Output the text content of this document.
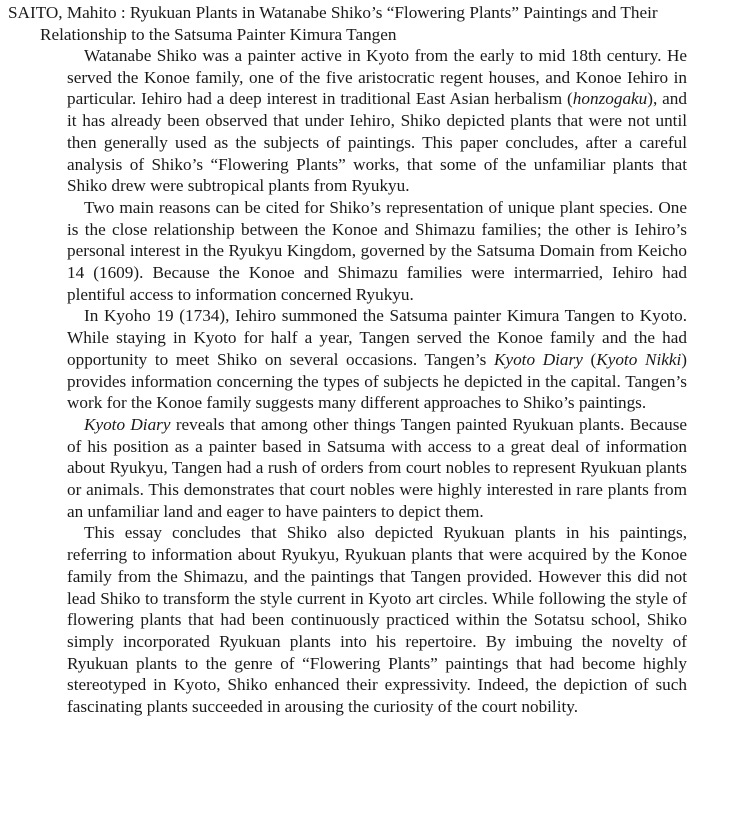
SAITO, Mahito : Ryukuan Plants in Watanabe Shiko’s “Flowering Plants” Paintings and Their Relationship to the Satsuma Painter Kimura Tangen

Watanabe Shiko was a painter active in Kyoto from the early to mid 18th century. He served the Konoe family, one of the five aristocratic regent houses, and Konoe Iehiro in particular. Iehiro had a deep interest in traditional East Asian herbalism (honzogaku), and it has already been observed that under Iehiro, Shiko depicted plants that were not until then generally used as the subjects of paintings. This paper concludes, after a careful analysis of Shiko’s “Flowering Plants” works, that some of the unfamiliar plants that Shiko drew were subtropical plants from Ryukyu.

Two main reasons can be cited for Shiko’s representation of unique plant species. One is the close relationship between the Konoe and Shimazu families; the other is Iehiro’s personal interest in the Ryukyu Kingdom, governed by the Satsuma Domain from Keicho 14 (1609). Because the Konoe and Shimazu families were intermarried, Iehiro had plentiful access to information concerned Ryukyu.

In Kyoho 19 (1734), Iehiro summoned the Satsuma painter Kimura Tangen to Kyoto. While staying in Kyoto for half a year, Tangen served the Konoe family and the had opportunity to meet Shiko on several occasions. Tangen’s Kyoto Diary (Kyoto Nikki) provides information concerning the types of subjects he depicted in the capital. Tangen’s work for the Konoe family suggests many different approaches to Shiko’s paintings.

Kyoto Diary reveals that among other things Tangen painted Ryukuan plants. Because of his position as a painter based in Satsuma with access to a great deal of information about Ryukyu, Tangen had a rush of orders from court nobles to represent Ryukuan plants or animals. This demonstrates that court nobles were highly interested in rare plants from an unfamiliar land and eager to have painters to depict them.

This essay concludes that Shiko also depicted Ryukuan plants in his paintings, referring to information about Ryukyu, Ryukuan plants that were acquired by the Konoe family from the Shimazu, and the paintings that Tangen provided. However this did not lead Shiko to transform the style current in Kyoto art circles. While following the style of flowering plants that had been continuously practiced within the Sotatsu school, Shiko simply incorporated Ryukuan plants into his repertoire. By imbuing the novelty of Ryukuan plants to the genre of “Flowering Plants” paintings that had become highly stereotyped in Kyoto, Shiko enhanced their expressivity. Indeed, the depiction of such fascinating plants succeeded in arousing the curiosity of the court nobility.
